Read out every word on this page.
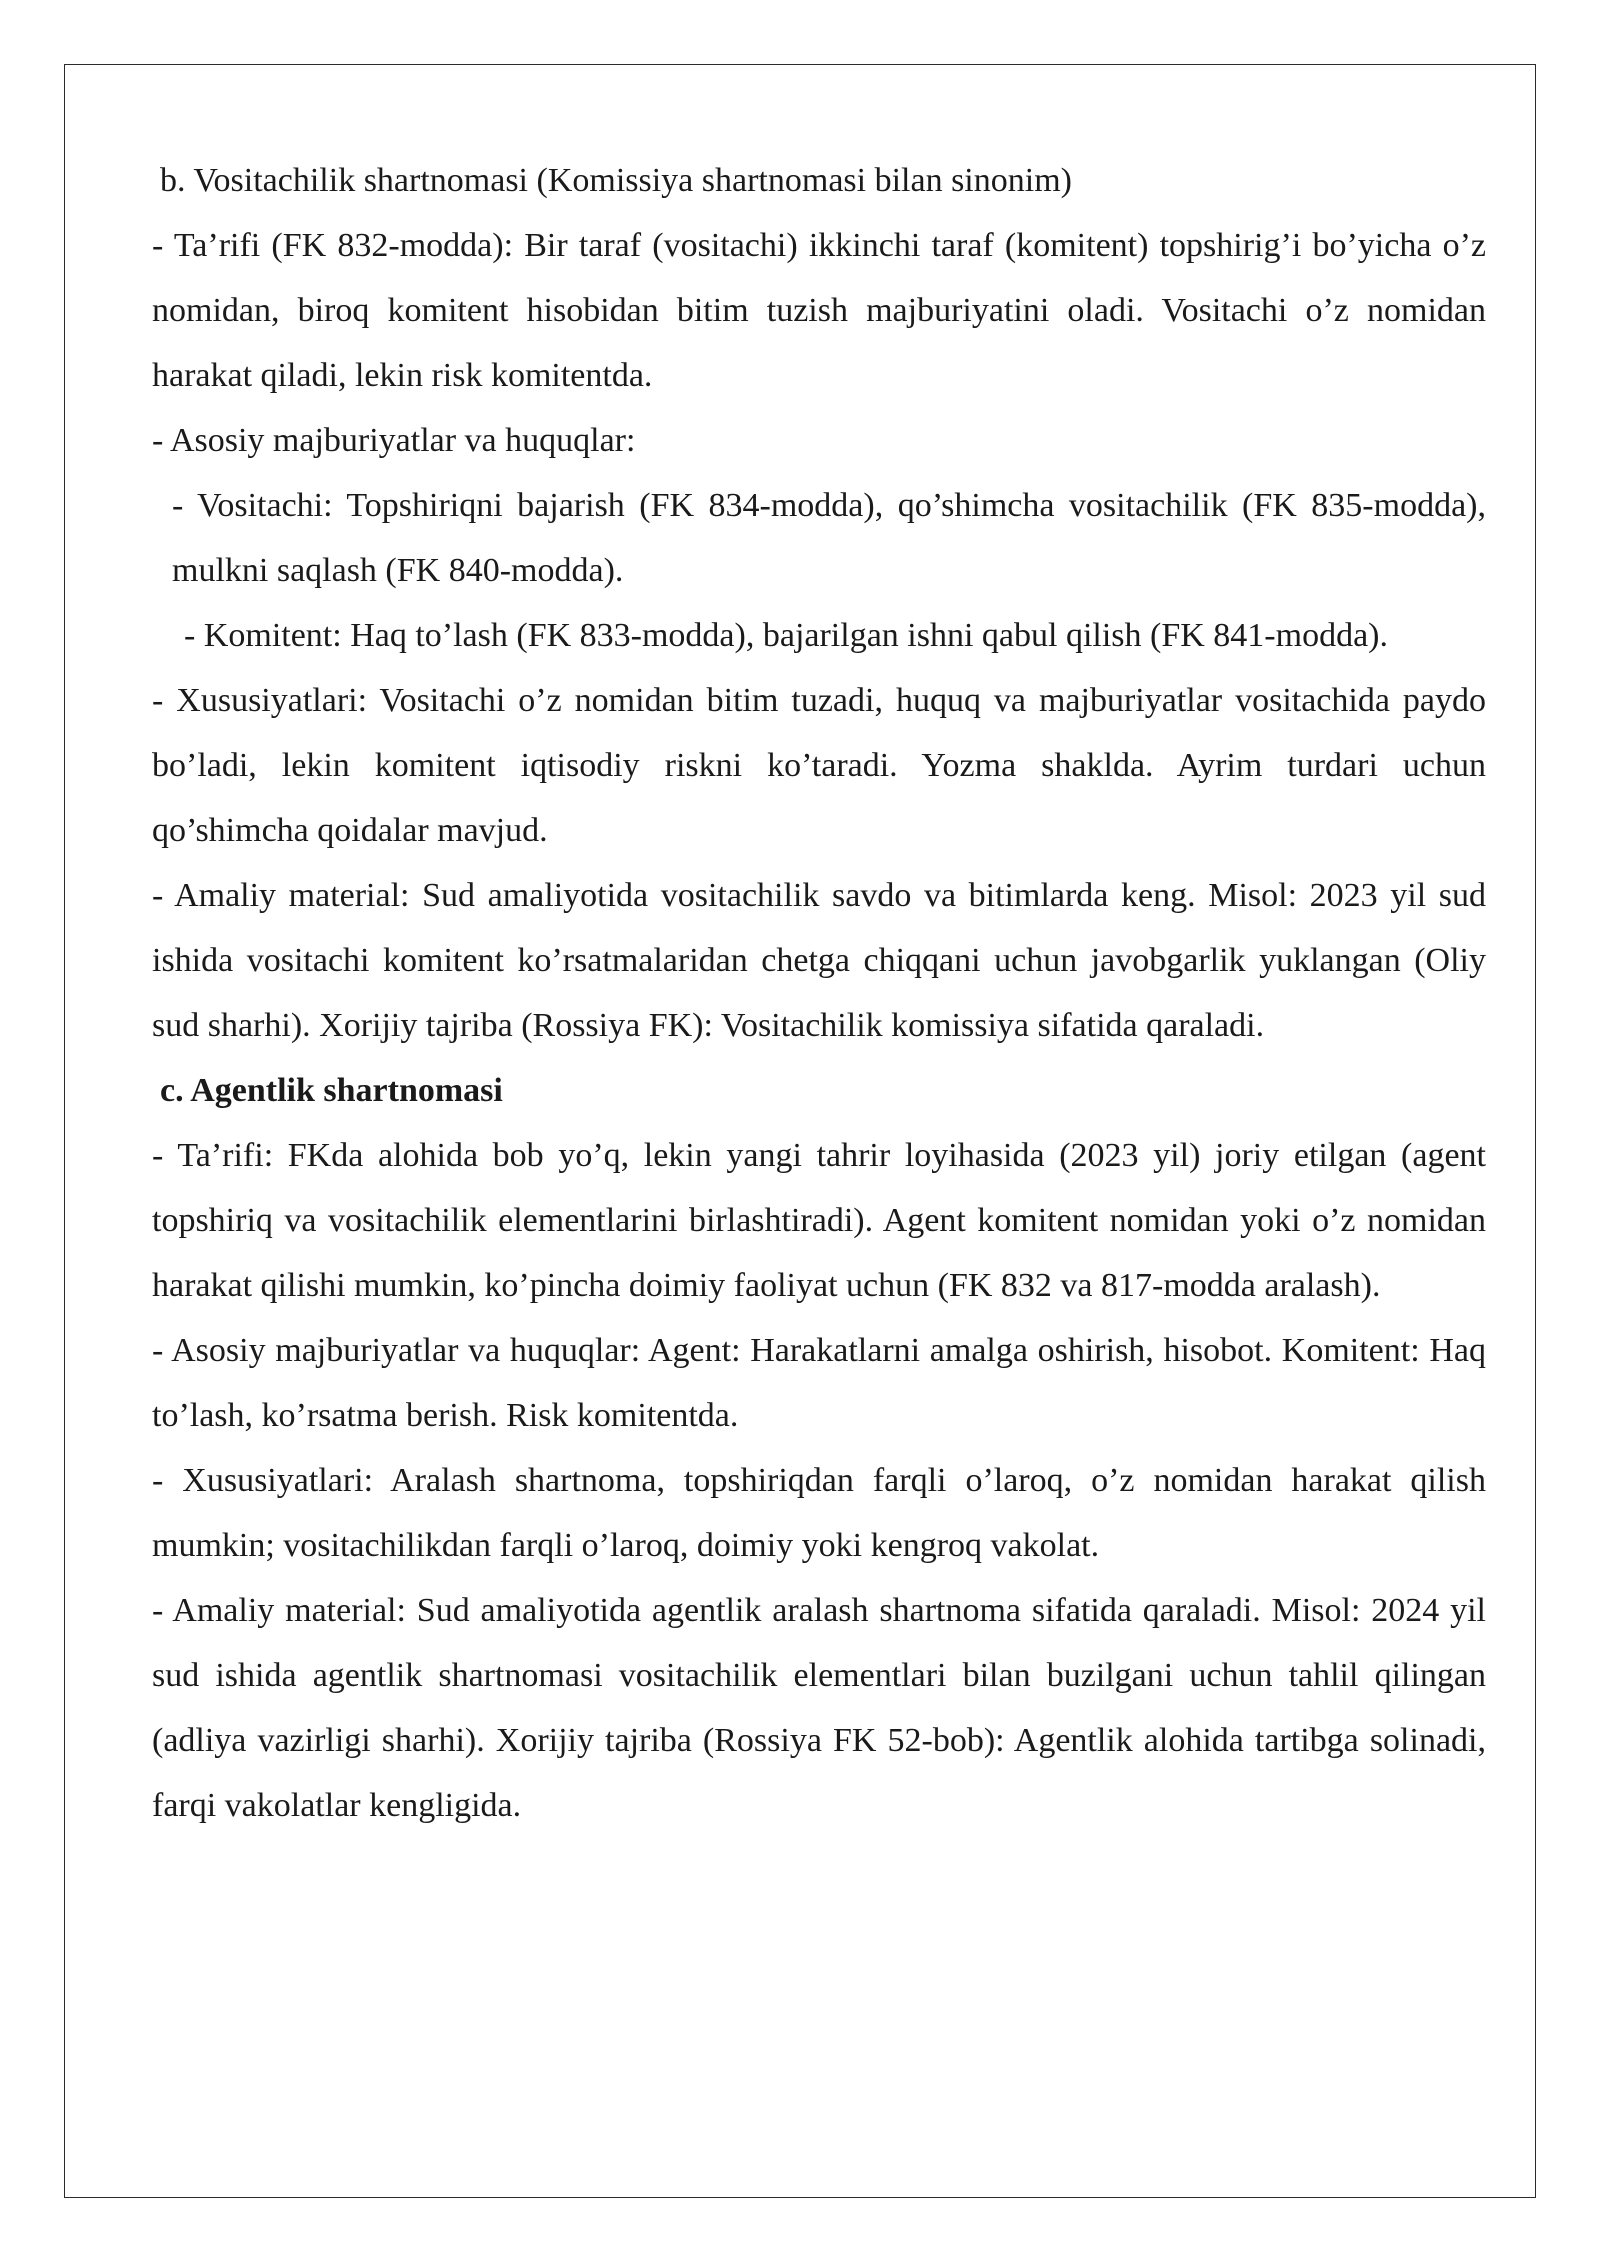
b. Vositachilik shartnomasi (Komissiya shartnomasi bilan sinonim)

- Ta’rifi (FK 832-modda): Bir taraf (vositachi) ikkinchi taraf (komitent) topshirig’i bo’yicha o’z nomidan, biroq komitent hisobidan bitim tuzish majburiyatini oladi. Vositachi o’z nomidan harakat qiladi, lekin risk komitentda.

- Asosiy majburiyatlar va huquqlar:

- Vositachi: Topshiriqni bajarish (FK 834-modda), qo’shimcha vositachilik (FK 835-modda), mulkni saqlash (FK 840-modda).

- Komitent: Haq to’lash (FK 833-modda), bajarilgan ishni qabul qilish (FK 841-modda).

- Xususiyatlari: Vositachi o’z nomidan bitim tuzadi, huquq va majburiyatlar vositachida paydo bo’ladi, lekin komitent iqtisodiy riskni ko’taradi. Yozma shaklda. Ayrim turdari uchun qo’shimcha qoidalar mavjud.

- Amaliy material: Sud amaliyotida vositachilik savdo va bitimlarda keng. Misol: 2023 yil sud ishida vositachi komitent ko’rsatmalaridan chetga chiqqani uchun javobgarlik yuklangan (Oliy sud sharhi). Xorijiy tajriba (Rossiya FK): Vositachilik komissiya sifatida qaraladi.

c. Agentlik shartnomasi

- Ta’rifi: FKda alohida bob yo’q, lekin yangi tahrir loyihasida (2023 yil) joriy etilgan (agent topshiriq va vositachilik elementlarini birlashtiradi). Agent komitent nomidan yoki o’z nomidan harakat qilishi mumkin, ko’pincha doimiy faoliyat uchun (FK 832 va 817-modda aralash).

- Asosiy majburiyatlar va huquqlar: Agent: Harakatlarni amalga oshirish, hisobot. Komitent: Haq to’lash, ko’rsatma berish. Risk komitentda.

- Xususiyatlari: Aralash shartnoma, topshiriqdan farqli o’laroq, o’z nomidan harakat qilish mumkin; vositachilikdan farqli o’laroq, doimiy yoki kengroq vakolat.

- Amaliy material: Sud amaliyotida agentlik aralash shartnoma sifatida qaraladi. Misol: 2024 yil sud ishida agentlik shartnomasi vositachilik elementlari bilan buzilgani uchun tahlil qilingan (adliya vazirligi sharhi). Xorijiy tajriba (Rossiya FK 52-bob): Agentlik alohida tartibga solinadi, farqi vakolatlar kengligida.
